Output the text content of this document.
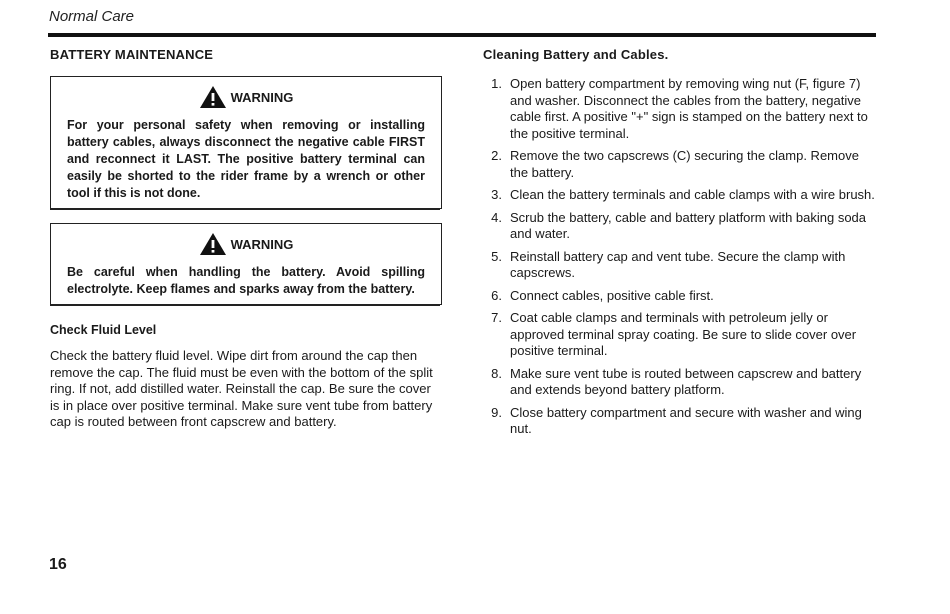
Normal Care
BATTERY MAINTENANCE
WARNING
For your personal safety when removing or installing battery cables, always disconnect the negative cable FIRST and reconnect it LAST. The positive battery terminal can easily be shorted to the rider frame by a wrench or other tool if this is not done.
WARNING
Be careful when handling the battery. Avoid spilling electrolyte. Keep flames and sparks away from the battery.
Check Fluid Level
Check the battery fluid level. Wipe dirt from around the cap then remove the cap. The fluid must be even with the bottom of the split ring. If not, add distilled water. Reinstall the cap. Be sure the cover is in place over positive terminal. Make sure vent tube from battery cap is routed between front capscrew and battery.
Cleaning Battery and Cables.
1. Open battery compartment by removing wing nut (F, figure 7) and washer. Disconnect the cables from the battery, negative cable first. A positive "+" sign is stamped on the battery next to the positive terminal.
2. Remove the two capscrews (C) securing the clamp. Remove the battery.
3. Clean the battery terminals and cable clamps with a wire brush.
4. Scrub the battery, cable and battery platform with baking soda and water.
5. Reinstall battery cap and vent tube. Secure the clamp with capscrews.
6. Connect cables, positive cable first.
7. Coat cable clamps and terminals with petroleum jelly or approved terminal spray coating. Be sure to slide cover over positive terminal.
8. Make sure vent tube is routed between capscrew and battery and extends beyond battery platform.
9. Close battery compartment and secure with washer and wing nut.
16
